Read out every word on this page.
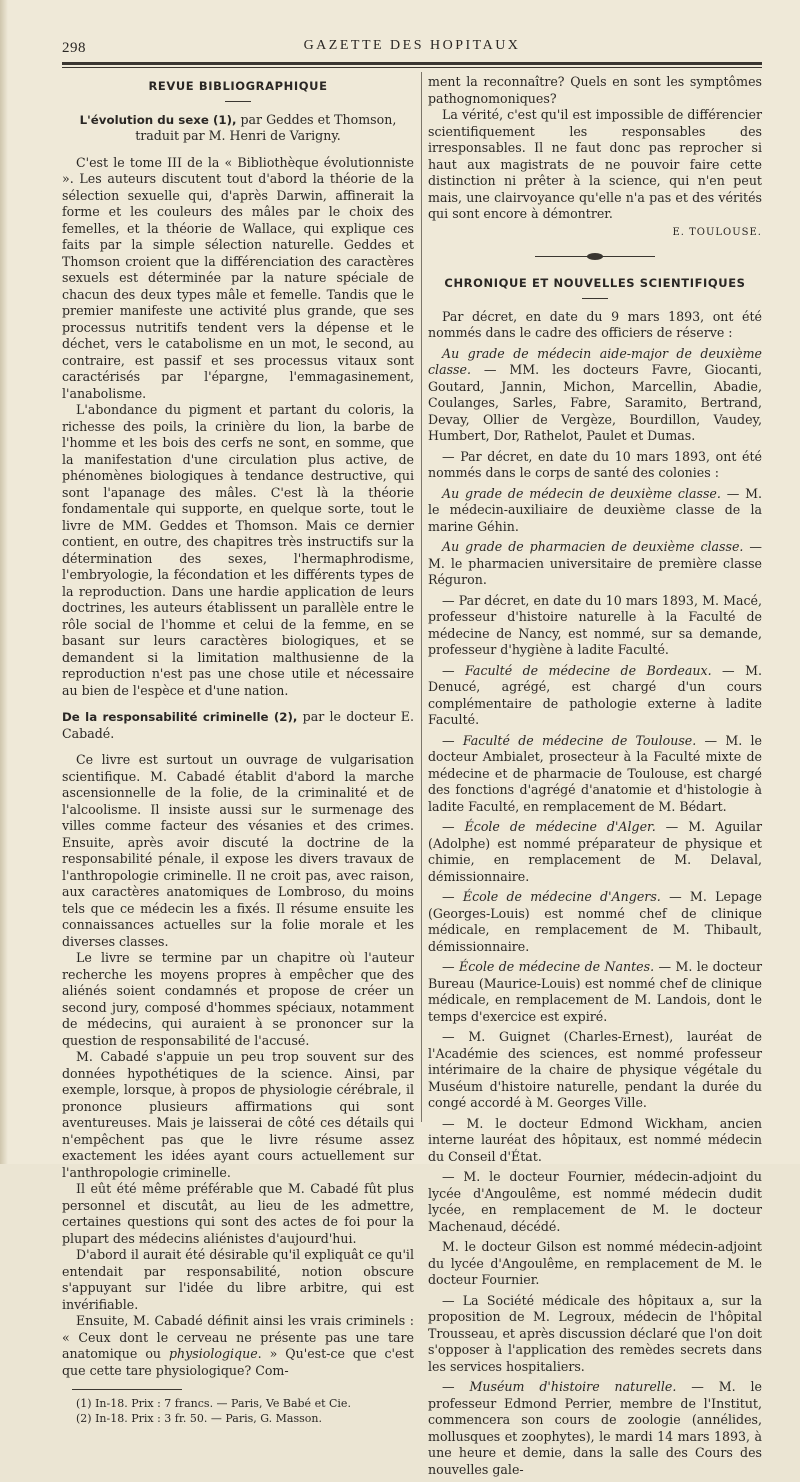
298	GAZETTE DES HOPITAUX
REVUE BIBLIOGRAPHIQUE

L'évolution du sexe (1), par Geddes et Thomson, traduit par M. Henri de Varigny.

C'est le tome III de la « Bibliothèque évolutionniste ». Les auteurs discutent tout d'abord la théorie de la sélection sexuelle qui, d'après Darwin, affinerait la forme et les couleurs des mâles par le choix des femelles, et la théorie de Wallace, qui explique ces faits par la simple sélection naturelle. Geddes et Thomson croient que la différenciation des caractères sexuels est déterminée par la nature spéciale de chacun des deux types mâle et femelle. Tandis que le premier manifeste une activité plus grande, que ses processus nutritifs tendent vers la dépense et le déchet, vers le catabolisme en un mot, le second, au contraire, est passif et ses processus vitaux sont caractérisés par l'épargne, l'emmagasinement, l'anabolisme.

L'abondance du pigment et partant du coloris, la richesse des poils, la crinière du lion, la barbe de l'homme et les bois des cerfs ne sont, en somme, que la manifestation d'une circulation plus active, de phénomènes biologiques à tendance destructive, qui sont l'apanage des mâles. C'est là la théorie fondamentale qui supporte, en quelque sorte, tout le livre de MM. Geddes et Thomson. Mais ce dernier contient, en outre, des chapitres très instructifs sur la détermination des sexes, l'hermaphrodisme, l'embryologie, la fécondation et les différents types de la reproduction. Dans une hardie application de leurs doctrines, les auteurs établissent un parallèle entre le rôle social de l'homme et celui de la femme, en se basant sur leurs caractères biologiques, et se demandent si la limitation malthusienne de la reproduction n'est pas une chose utile et nécessaire au bien de l'espèce et d'une nation.

De la responsabilité criminelle (2), par le docteur E. Cabadé.

Ce livre est surtout un ouvrage de vulgarisation scientifique. M. Cabadé établit d'abord la marche ascensionnelle de la folie, de la criminalité et de l'alcoolisme. Il insiste aussi sur le surmenage des villes comme facteur des vésanies et des crimes. Ensuite, après avoir discuté la doctrine de la responsabilité pénale, il expose les divers travaux de l'anthropologie criminelle. Il ne croit pas, avec raison, aux caractères anatomiques de Lombroso, du moins tels que ce médecin les a fixés. Il résume ensuite les connaissances actuelles sur la folie morale et les diverses classes.

Le livre se termine par un chapitre où l'auteur recherche les moyens propres à empêcher que des aliénés soient condamnés et propose de créer un second jury, composé d'hommes spéciaux, notamment de médecins, qui auraient à se prononcer sur la question de responsabilité de l'accusé.

M. Cabadé s'appuie un peu trop souvent sur des données hypothétiques de la science. Ainsi, par exemple, lorsque, à propos de physiologie cérébrale, il prononce plusieurs affirmations qui sont aventureuses. Mais je laisserai de côté ces détails qui n'empêchent pas que le livre résume assez exactement les idées ayant cours actuellement sur l'anthropologie criminelle.

Il eût été même préférable que M. Cabadé fût plus personnel et discutât, au lieu de les admettre, certaines questions qui sont des actes de foi pour la plupart des médecins aliénistes d'aujourd'hui.

D'abord il aurait été désirable qu'il expliquât ce qu'il entendait par responsabilité, notion obscure s'appuyant sur l'idée du libre arbitre, qui est invérifiable.

Ensuite, M. Cabadé définit ainsi les vrais criminels : « Ceux dont le cerveau ne présente pas une tare anatomique ou physiologique. » Qu'est-ce que c'est que cette tare physiologique? Com-

(1) In-18. Prix : 7 francs. — Paris, Ve Babé et Cie.

(2) In-18. Prix : 3 fr. 50. — Paris, G. Masson.

ment la reconnaître? Quels en sont les symptômes pathognomoniques?

La vérité, c'est qu'il est impossible de différencier scientifiquement les responsables des irresponsables. Il ne faut donc pas reprocher si haut aux magistrats de ne pouvoir faire cette distinction ni prêter à la science, qui n'en peut mais, une clairvoyance qu'elle n'a pas et des vérités qui sont encore à démontrer.

E. TOULOUSE.
CHRONIQUE ET NOUVELLES SCIENTIFIQUES

Par décret, en date du 9 mars 1893, ont été nommés dans le cadre des officiers de réserve :

Au grade de médecin aide-major de deuxième classe. — MM. les docteurs Favre, Giocanti, Goutard, Jannin, Michon, Marcellin, Abadie, Coulanges, Sarles, Fabre, Saramito, Bertrand, Devay, Ollier de Vergèze, Bourdillon, Vaudey, Humbert, Dor, Rathelot, Paulet et Dumas.

— Par décret, en date du 10 mars 1893, ont été nommés dans le corps de santé des colonies :

Au grade de médecin de deuxième classe. — M. le médecin-auxiliaire de deuxième classe de la marine Géhin.

Au grade de pharmacien de deuxième classe. — M. le pharmacien universitaire de première classe Réguron.

— Par décret, en date du 10 mars 1893, M. Macé, professeur d'histoire naturelle à la Faculté de médecine de Nancy, est nommé, sur sa demande, professeur d'hygiène à ladite Faculté.

— Faculté de médecine de Bordeaux. — M. Denucé, agrégé, est chargé d'un cours complémentaire de pathologie externe à ladite Faculté.

— Faculté de médecine de Toulouse. — M. le docteur Ambialet, prosecteur à la Faculté mixte de médecine et de pharmacie de Toulouse, est chargé des fonctions d'agrégé d'anatomie et d'histologie à ladite Faculté, en remplacement de M. Bédart.

— École de médecine d'Alger. — M. Aguilar (Adolphe) est nommé préparateur de physique et chimie, en remplacement de M. Delaval, démissionnaire.

— École de médecine d'Angers. — M. Lepage (Georges-Louis) est nommé chef de clinique médicale, en remplacement de M. Thibault, démissionnaire.

— École de médecine de Nantes. — M. le docteur Bureau (Maurice-Louis) est nommé chef de clinique médicale, en remplacement de M. Landois, dont le temps d'exercice est expiré.

— M. Guignet (Charles-Ernest), lauréat de l'Académie des sciences, est nommé professeur intérimaire de la chaire de physique végétale du Muséum d'histoire naturelle, pendant la durée du congé accordé à M. Georges Ville.

— M. le docteur Edmond Wickham, ancien interne lauréat des hôpitaux, est nommé médecin du Conseil d'État.

— M. le docteur Fournier, médecin-adjoint du lycée d'Angoulême, est nommé médecin dudit lycée, en remplacement de M. le docteur Machenaud, décédé.

M. le docteur Gilson est nommé médecin-adjoint du lycée d'Angoulême, en remplacement de M. le docteur Fournier.

— La Société médicale des hôpitaux a, sur la proposition de M. Legroux, médecin de l'hôpital Trousseau, et après discussion déclaré que l'on doit s'opposer à l'application des remèdes secrets dans les services hospitaliers.

— Muséum d'histoire naturelle. — M. le professeur Edmond Perrier, membre de l'Institut, commencera son cours de zoologie (annélides, mollusques et zoophytes), le mardi 14 mars 1893, à une heure et demie, dans la salle des Cours des nouvelles gale-
